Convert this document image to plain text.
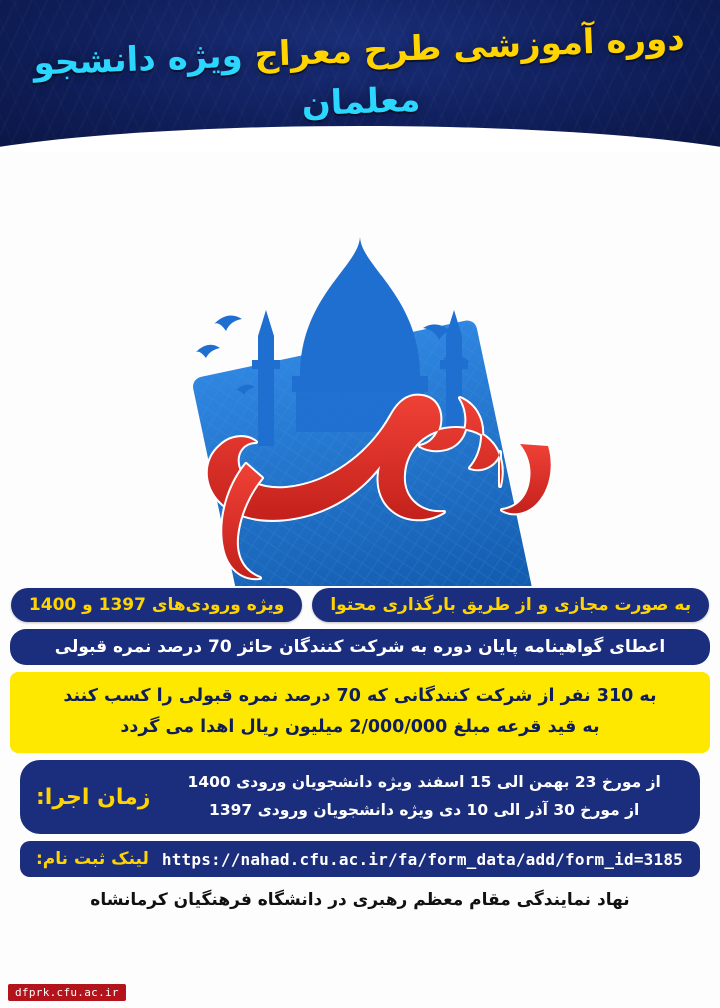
دوره آموزشی طرح معراج ویژه دانشجو معلمان
به صورت مجازی و از طریق بارگذاری محتوا
ویژه ورودی‌های 1397 و 1400
اعطای گواهینامه پایان دوره به شرکت کنندگان حائز 70 درصد نمره قبولی
به 310 نفر از شرکت کنندگانی که 70 درصد نمره قبولی را کسب کنند
به قید قرعه مبلغ 2/000/000 میلیون ریال اهدا می گردد
از مورخ 23 بهمن الی 15 اسفند ویژه دانشجویان ورودی 1400
از مورخ 30 آذر الی 10 دی ویژه دانشجویان ورودی 1397
زمان اجرا:
https://nahad.cfu.ac.ir/fa/form_data/add/form_id=3185
لینک ثبت نام:
نهاد نمایندگی مقام معظم رهبری در دانشگاه فرهنگیان کرمانشاه
dfprk.cfu.ac.ir
